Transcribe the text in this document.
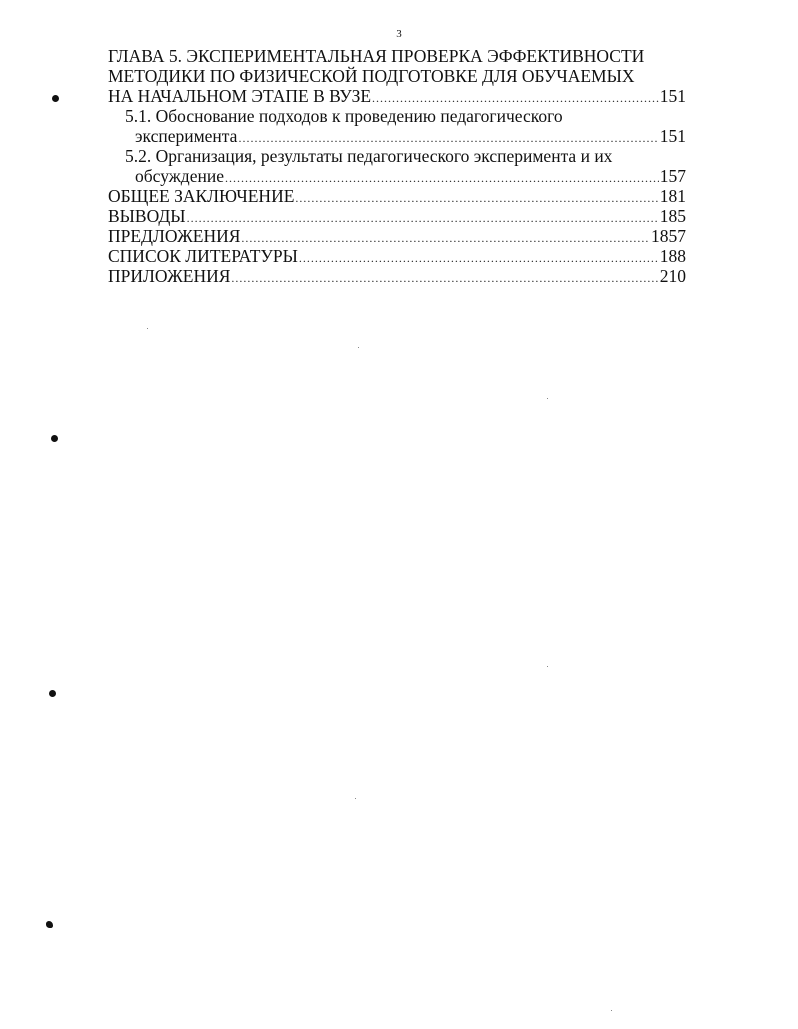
3
ГЛАВА 5. ЭКСПЕРИМЕНТАЛЬНАЯ ПРОВЕРКА ЭФФЕКТИВНОСТИ
МЕТОДИКИ ПО ФИЗИЧЕСКОЙ ПОДГОТОВКЕ ДЛЯ ОБУЧАЕМЫХ
НА НАЧАЛЬНОМ ЭТАПЕ В ВУЗЕ .....	151
5.1. Обоснование подходов к проведению педагогического
эксперимента .....	151
5.2. Организация, результаты педагогического эксперимента и их
обсуждение .....	157
ОБЩЕЕ ЗАКЛЮЧЕНИЕ .....	181
ВЫВОДЫ .....	185
ПРЕДЛОЖЕНИЯ .....	1857
СПИСОК ЛИТЕРАТУРЫ .....	188
ПРИЛОЖЕНИЯ .....	210
